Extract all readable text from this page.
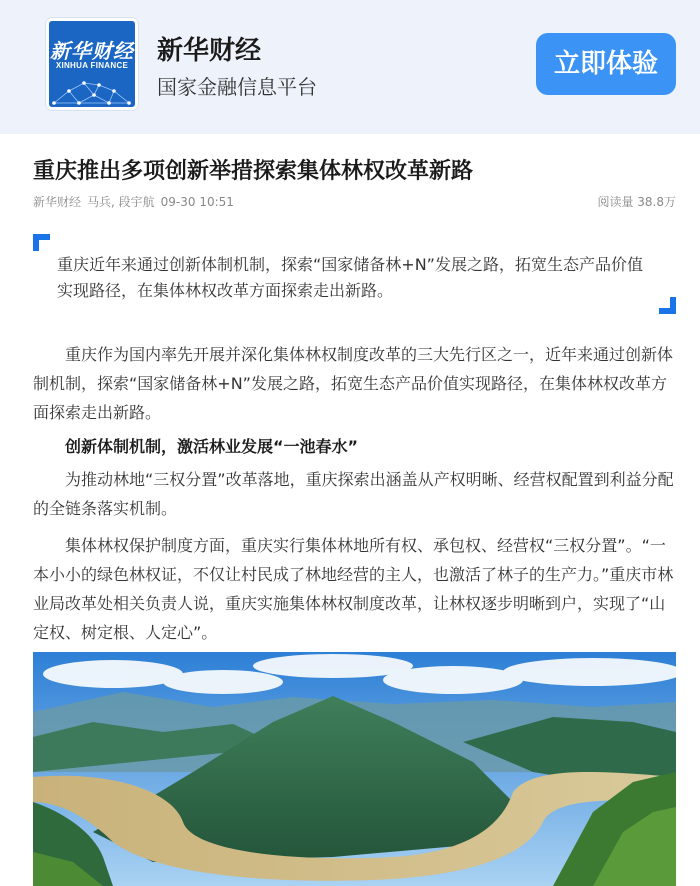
新华财经
XINHUA FINANCE 新华财经
国家金融信息平台
立即体验
重庆推出多项创新举措探索集体林权改革新路
新华财经 马兵, 段宇航 09-30 10:51	阅读量 38.8万
重庆近年来通过创新体制机制，探索“国家储备林+N”发展之路，拓宽生态产品价值实现路径，在集体林权改革方面探索走出新路。

重庆作为国内率先开展并深化集体林权制度改革的三大先行区之一，近年来通过创新体制机制，探索“国家储备林+N”发展之路，拓宽生态产品价值实现路径，在集体林权改革方面探索走出新路。

创新体制机制，激活林业发展“一池春水”

为推动林地“三权分置”改革落地，重庆探索出涵盖从产权明晰、经营权配置到利益分配的全链条落实机制。

集体林权保护制度方面，重庆实行集体林地所有权、承包权、经营权“三权分置”。“一本小小的绿色林权证，不仅让村民成了林地经营的主人，也激活了林子的生产力。”重庆市林业局改革处相关负责人说，重庆实施集体林权制度改革，让林权逐步明晰到户，实现了“山定权、树定根、人定心”。
